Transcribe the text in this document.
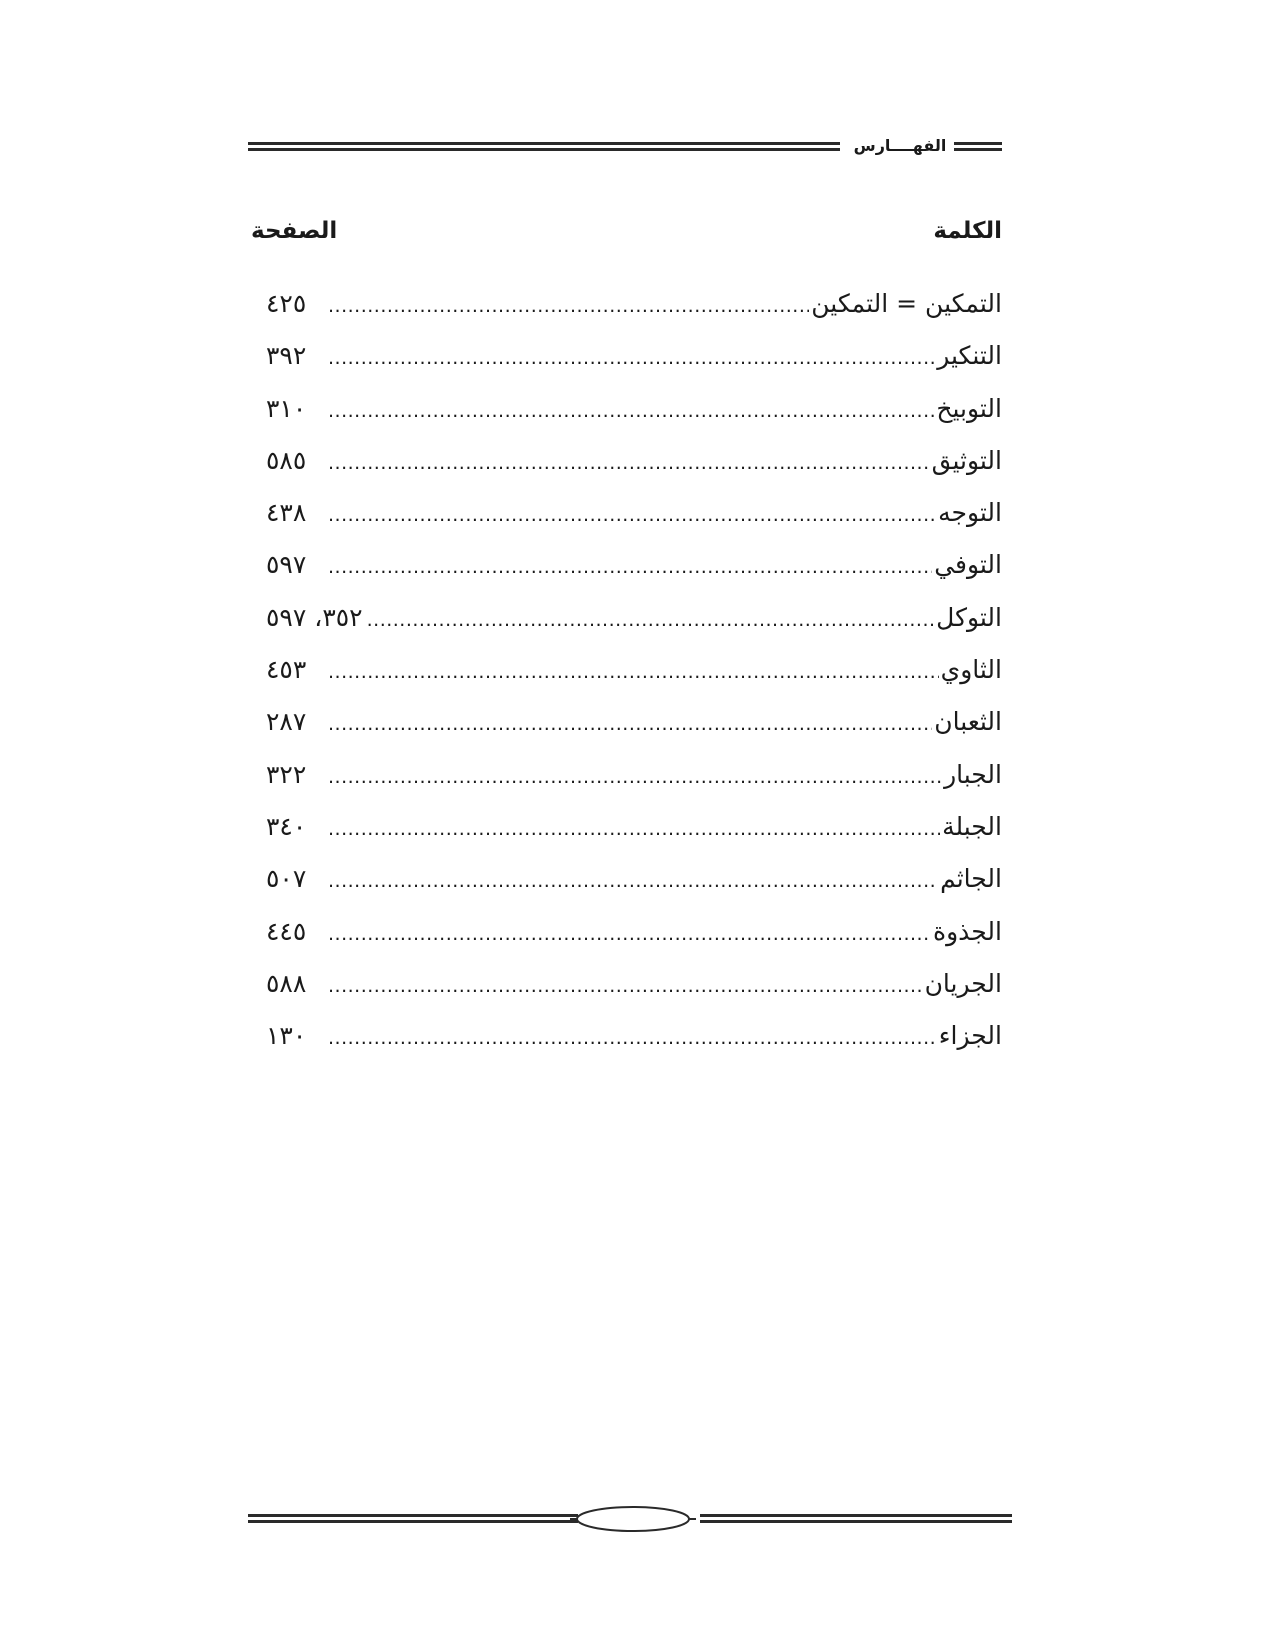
الفهــــارس
الكلمة
الصفحة
التمكين = التمكين
.....
٤٢٥
التنكير
.....
٣٩٢
التوبيخ
.....
٣١٠
التوثيق
.....
٥٨٥
التوجه
.....
٤٣٨
التوفي
.....
٥٩٧
التوكل
.....
٣٥٢، ٥٩٧
الثاوي
.....
٤٥٣
الثعبان
.....
٢٨٧
الجبار
.....
٣٢٢
الجبلة
.....
٣٤٠
الجاثم
.....
٥٠٧
الجذوة
.....
٤٤٥
الجريان
.....
٥٨٨
الجزاء
.....
١٣٠
